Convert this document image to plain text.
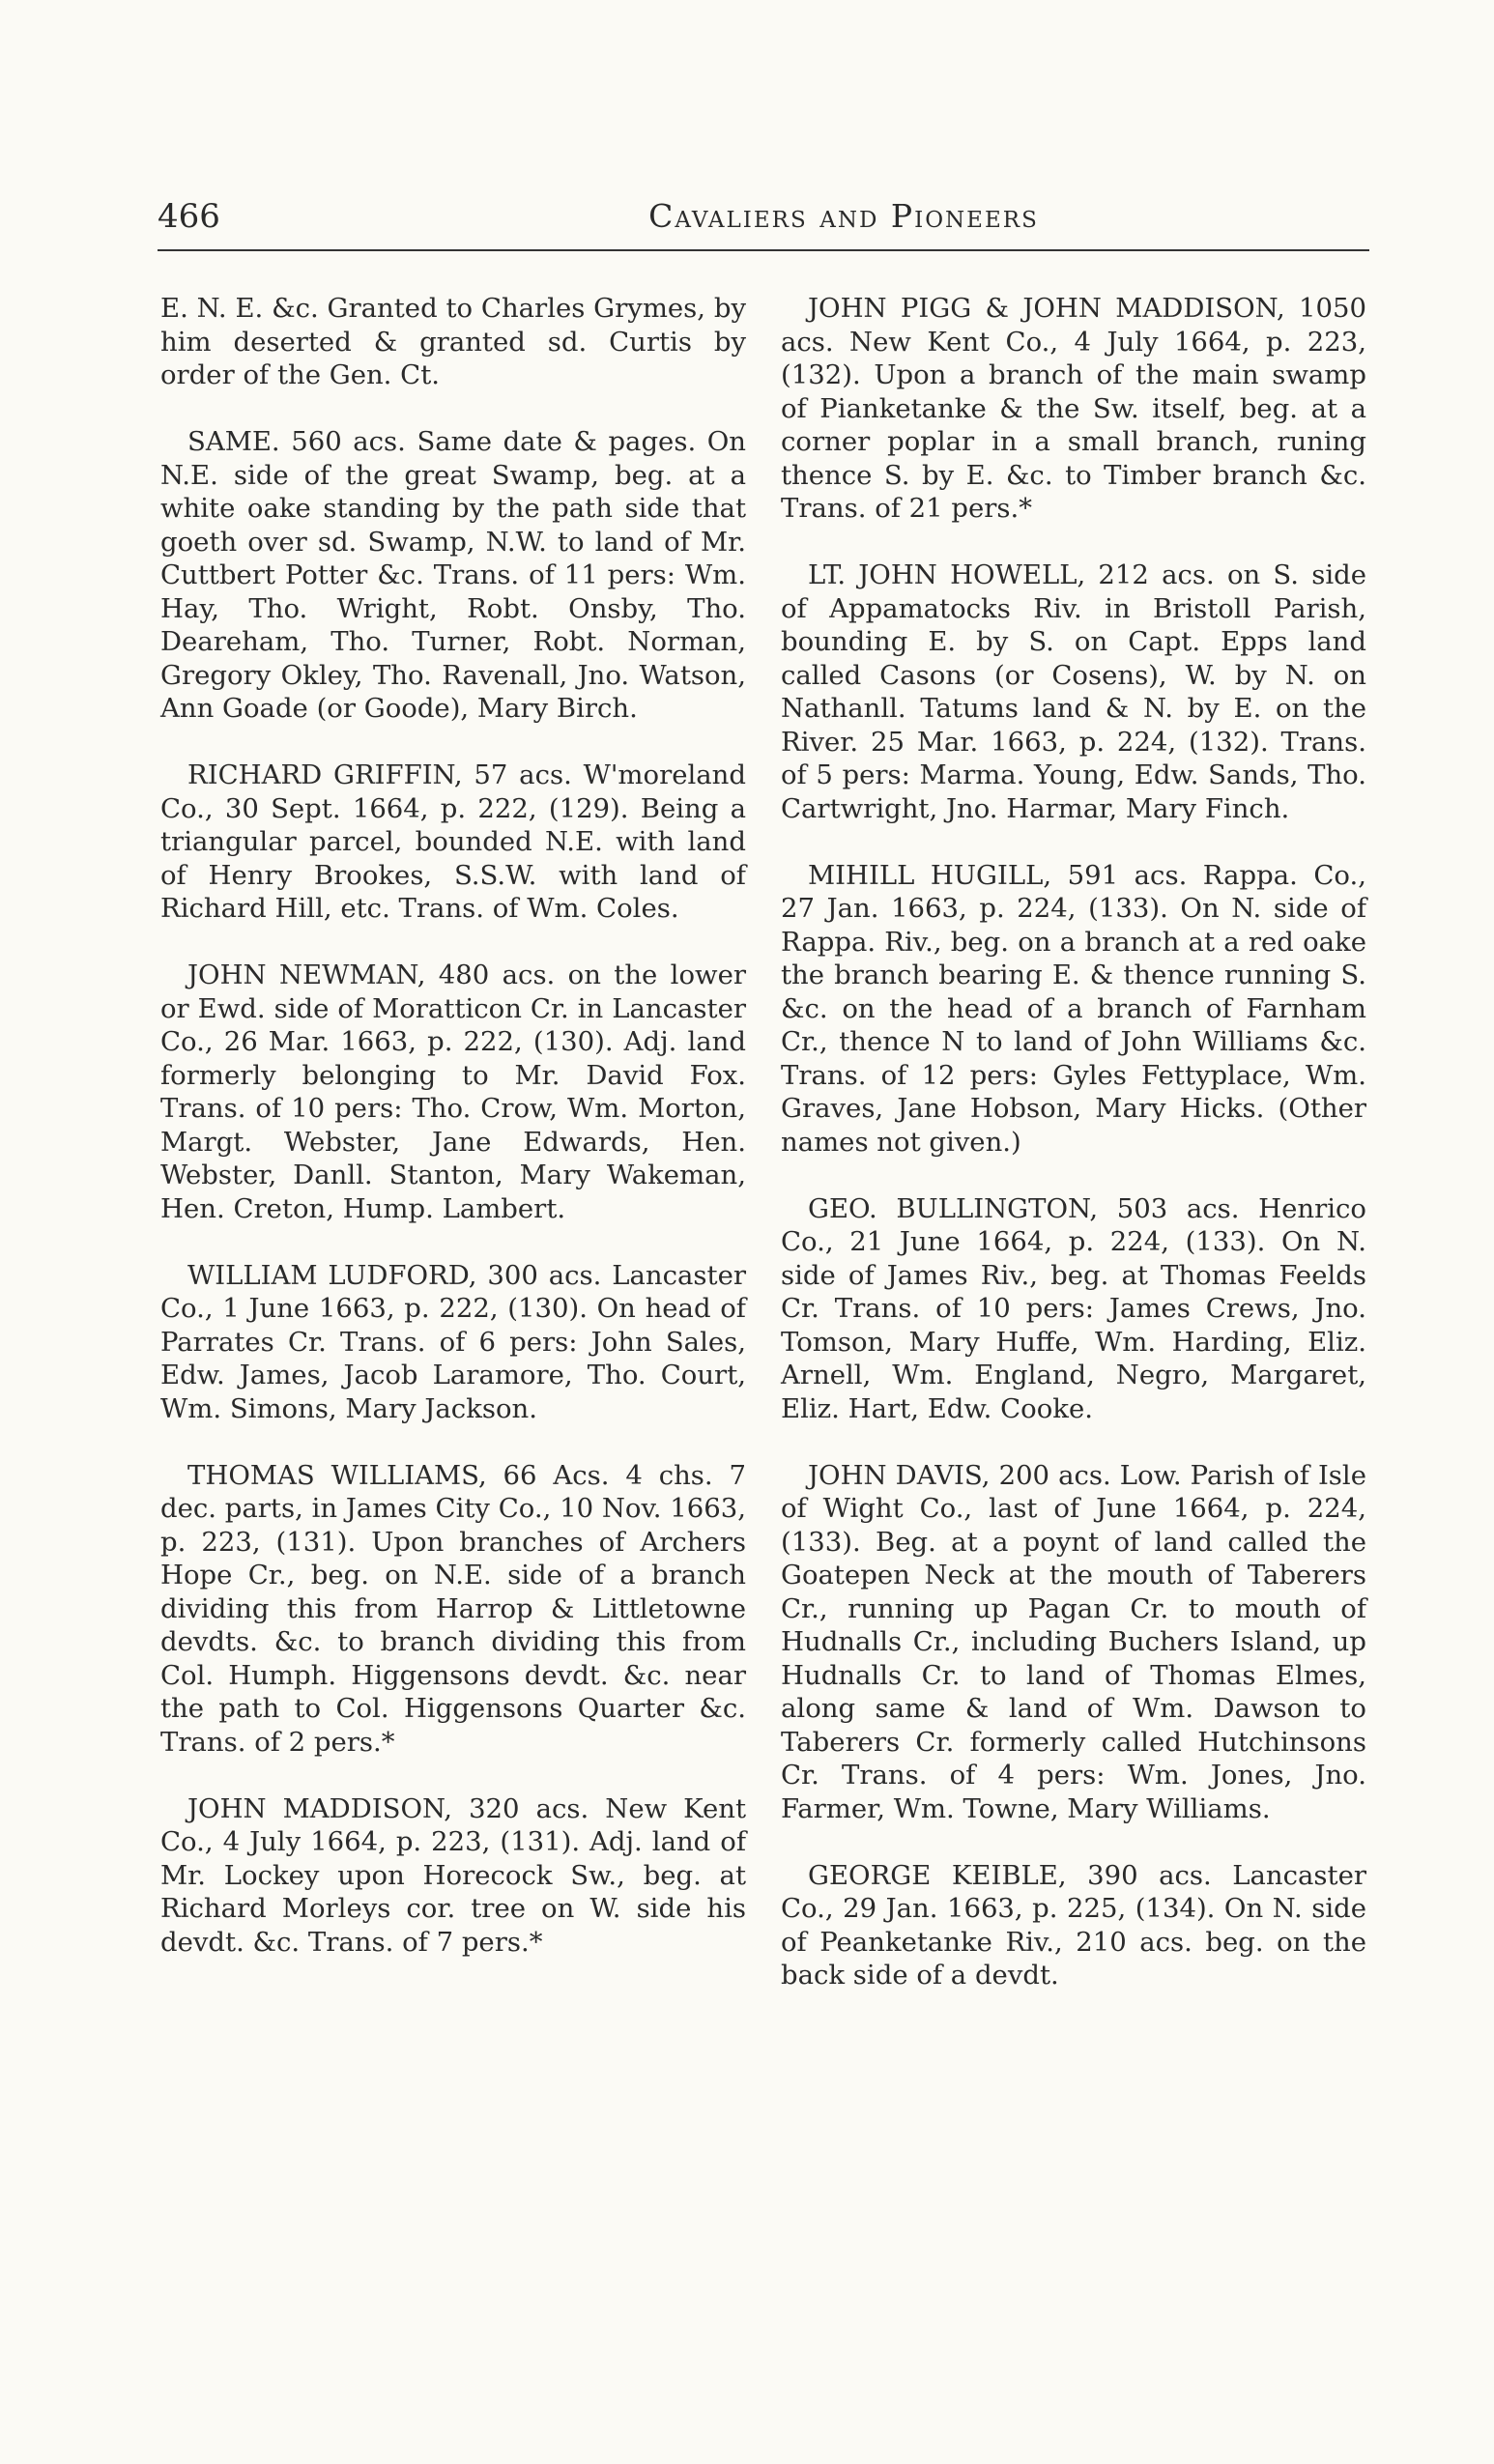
466	Cavaliers and Pioneers

E. N. E. &c. Granted to Charles Grymes, by him deserted & granted sd. Curtis by order of the Gen. Ct.

SAME. 560 acs. Same date & pages. On N.E. side of the great Swamp, beg. at a white oake standing by the path side that goeth over sd. Swamp, N.W. to land of Mr. Cuttbert Potter &c. Trans. of 11 pers: Wm. Hay, Tho. Wright, Robt. Onsby, Tho. Deareham, Tho. Turner, Robt. Norman, Gregory Okley, Tho. Ravenall, Jno. Watson, Ann Goade (or Goode), Mary Birch.

RICHARD GRIFFIN, 57 acs. W'moreland Co., 30 Sept. 1664, p. 222, (129). Being a triangular parcel, bounded N.E. with land of Henry Brookes, S.S.W. with land of Richard Hill, etc. Trans. of Wm. Coles.

JOHN NEWMAN, 480 acs. on the lower or Ewd. side of Moratticon Cr. in Lancaster Co., 26 Mar. 1663, p. 222, (130). Adj. land formerly belonging to Mr. David Fox. Trans. of 10 pers: Tho. Crow, Wm. Morton, Margt. Webster, Jane Edwards, Hen. Webster, Danll. Stanton, Mary Wakeman, Hen. Creton, Hump. Lambert.

WILLIAM LUDFORD, 300 acs. Lancaster Co., 1 June 1663, p. 222, (130). On head of Parrates Cr. Trans. of 6 pers: John Sales, Edw. James, Jacob Laramore, Tho. Court, Wm. Simons, Mary Jackson.

THOMAS WILLIAMS, 66 Acs. 4 chs. 7 dec. parts, in James City Co., 10 Nov. 1663, p. 223, (131). Upon branches of Archers Hope Cr., beg. on N.E. side of a branch dividing this from Harrop & Littletowne devdts. &c. to branch dividing this from Col. Humph. Higgensons devdt. &c. near the path to Col. Higgensons Quarter &c. Trans. of 2 pers.*

JOHN MADDISON, 320 acs. New Kent Co., 4 July 1664, p. 223, (131). Adj. land of Mr. Lockey upon Horecock Sw., beg. at Richard Morleys cor. tree on W. side his devdt. &c. Trans. of 7 pers.*

JOHN PIGG & JOHN MADDISON, 1050 acs. New Kent Co., 4 July 1664, p. 223, (132). Upon a branch of the main swamp of Pianketanke & the Sw. itself, beg. at a corner poplar in a small branch, runing thence S. by E. &c. to Timber branch &c. Trans. of 21 pers.*

LT. JOHN HOWELL, 212 acs. on S. side of Appamatocks Riv. in Bristoll Parish, bounding E. by S. on Capt. Epps land called Casons (or Cosens), W. by N. on Nathanll. Tatums land & N. by E. on the River. 25 Mar. 1663, p. 224, (132). Trans. of 5 pers: Marma. Young, Edw. Sands, Tho. Cartwright, Jno. Harmar, Mary Finch.

MIHILL HUGILL, 591 acs. Rappa. Co., 27 Jan. 1663, p. 224, (133). On N. side of Rappa. Riv., beg. on a branch at a red oake the branch bearing E. & thence running S. &c. on the head of a branch of Farnham Cr., thence N to land of John Williams &c. Trans. of 12 pers: Gyles Fettyplace, Wm. Graves, Jane Hobson, Mary Hicks. (Other names not given.)

GEO. BULLINGTON, 503 acs. Henrico Co., 21 June 1664, p. 224, (133). On N. side of James Riv., beg. at Thomas Feelds Cr. Trans. of 10 pers: James Crews, Jno. Tomson, Mary Huffe, Wm. Harding, Eliz. Arnell, Wm. England, Negro, Margaret, Eliz. Hart, Edw. Cooke.

JOHN DAVIS, 200 acs. Low. Parish of Isle of Wight Co., last of June 1664, p. 224, (133). Beg. at a poynt of land called the Goatepen Neck at the mouth of Taberers Cr., running up Pagan Cr. to mouth of Hudnalls Cr., including Buchers Island, up Hudnalls Cr. to land of Thomas Elmes, along same & land of Wm. Dawson to Taberers Cr. formerly called Hutchinsons Cr. Trans. of 4 pers: Wm. Jones, Jno. Farmer, Wm. Towne, Mary Williams.

GEORGE KEIBLE, 390 acs. Lancaster Co., 29 Jan. 1663, p. 225, (134). On N. side of Peanketanke Riv., 210 acs. beg. on the back side of a devdt.
